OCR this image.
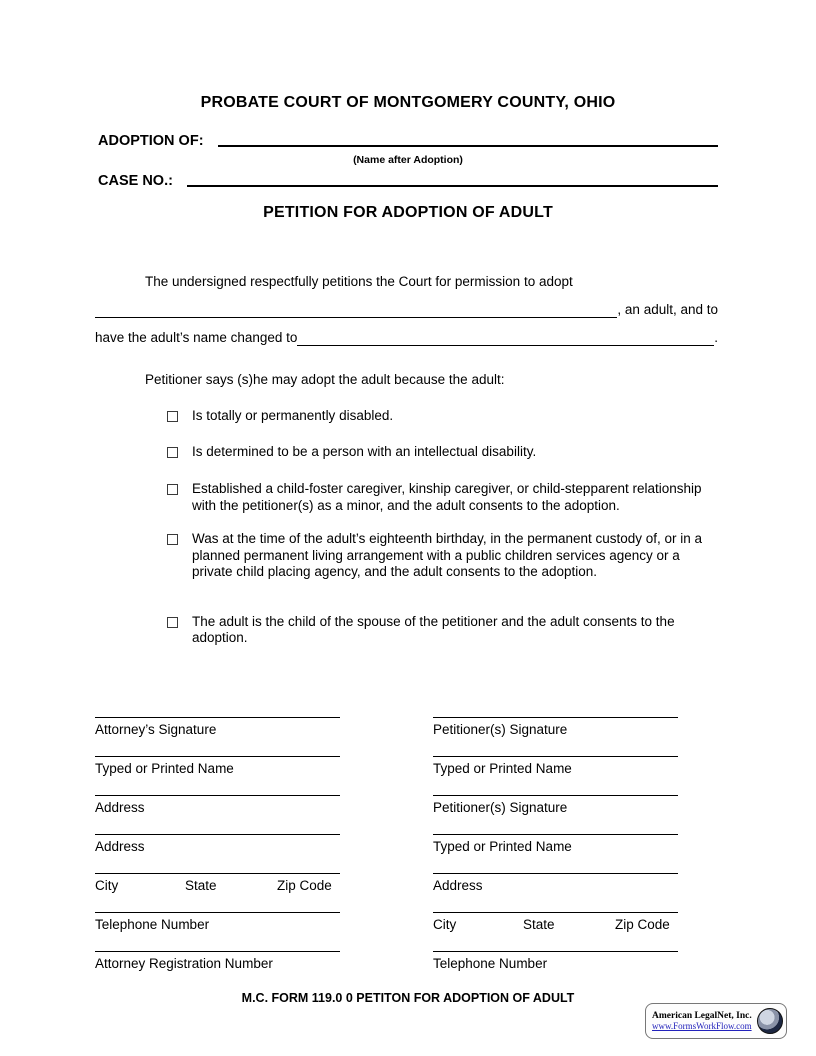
PROBATE COURT OF MONTGOMERY COUNTY, OHIO
ADOPTION OF:
(Name after Adoption)
CASE NO.:
PETITION FOR ADOPTION OF ADULT
The undersigned respectfully petitions the Court for permission to adopt
, an adult, and to
have the adult’s name changed to	.
Petitioner says (s)he may adopt the adult because the adult:
Is totally or permanently disabled.
Is determined to be a person with an intellectual disability.
Established a child-foster caregiver, kinship caregiver, or child-stepparent relationship with the petitioner(s) as a minor, and the adult consents to the adoption.
Was at the time of the adult’s eighteenth birthday, in the permanent custody of, or in a planned permanent living arrangement with a public children services agency or a private child placing agency, and the adult consents to the adoption.
The adult is the child of the spouse of the petitioner and the adult consents to the adoption.
Attorney’s Signature
Typed or Printed Name
Address
Address
City	State	Zip Code
Telephone Number
Attorney Registration Number
Petitioner(s) Signature
Typed or Printed Name
Petitioner(s) Signature
Typed or Printed Name
Address
City	State	Zip Code
Telephone Number
M.C. FORM 119.0 0 PETITON FOR ADOPTION OF ADULT
American LegalNet, Inc.
www.FormsWorkFlow.com
